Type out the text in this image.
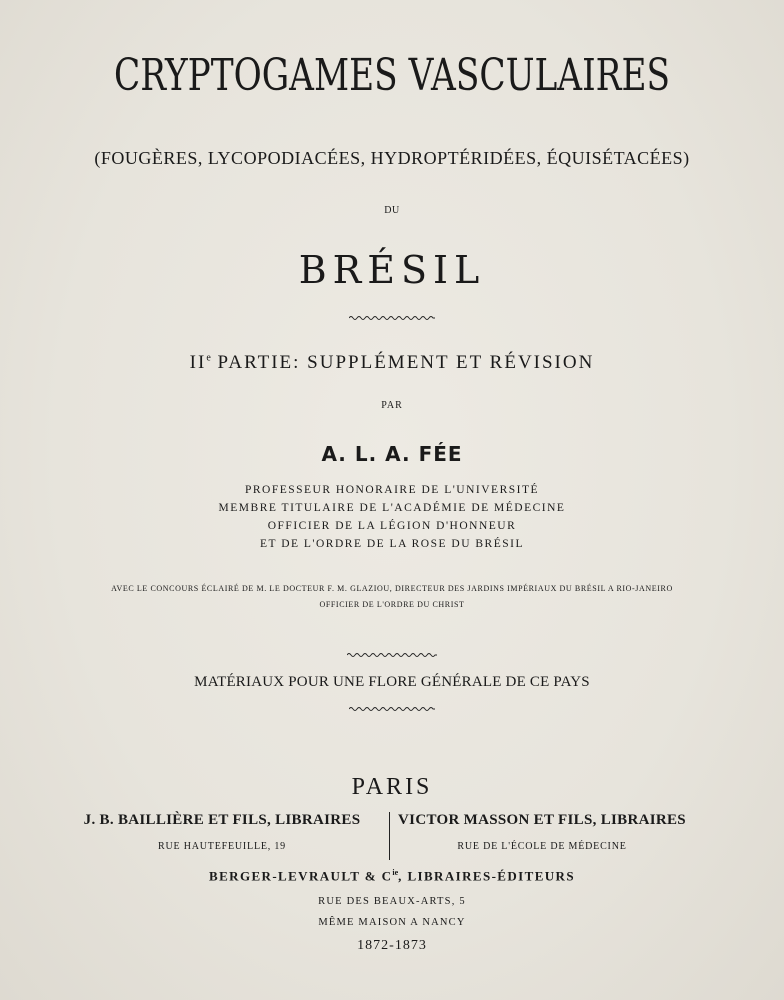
CRYPTOGAMES VASCULAIRES
(FOUGÈRES, LYCOPODIACÉES, HYDROPTÉRIDÉES, ÉQUISÉTACÉES)
DU
BRÉSIL
IIe PARTIE: SUPPLÉMENT ET RÉVISION
PAR
A. L. A. FÉE
PROFESSEUR HONORAIRE DE L'UNIVERSITÉ
MEMBRE TITULAIRE DE L'ACADÉMIE DE MÉDECINE
OFFICIER DE LA LÉGION D'HONNEUR
ET DE L'ORDRE DE LA ROSE DU BRÉSIL
AVEC LE CONCOURS ÉCLAIRÉ DE M. LE DOCTEUR F. M. GLAZIOU, DIRECTEUR DES JARDINS IMPÉRIAUX DU BRÉSIL A RIO-JANEIRO
OFFICIER DE L'ORDRE DU CHRIST
MATÉRIAUX POUR UNE FLORE GÉNÉRALE DE CE PAYS
PARIS
J. B. BAILLIÈRE ET FILS, LIBRAIRES
RUE HAUTEFEUILLE, 19
VICTOR MASSON ET FILS, LIBRAIRES
RUE DE L'ÉCOLE DE MÉDECINE
BERGER-LEVRAULT & $C^{ie}$, LIBRAIRES-ÉDITEURS
RUE DES BEAUX-ARTS, 5
MÊME MAISON A NANCY
1872-1873
